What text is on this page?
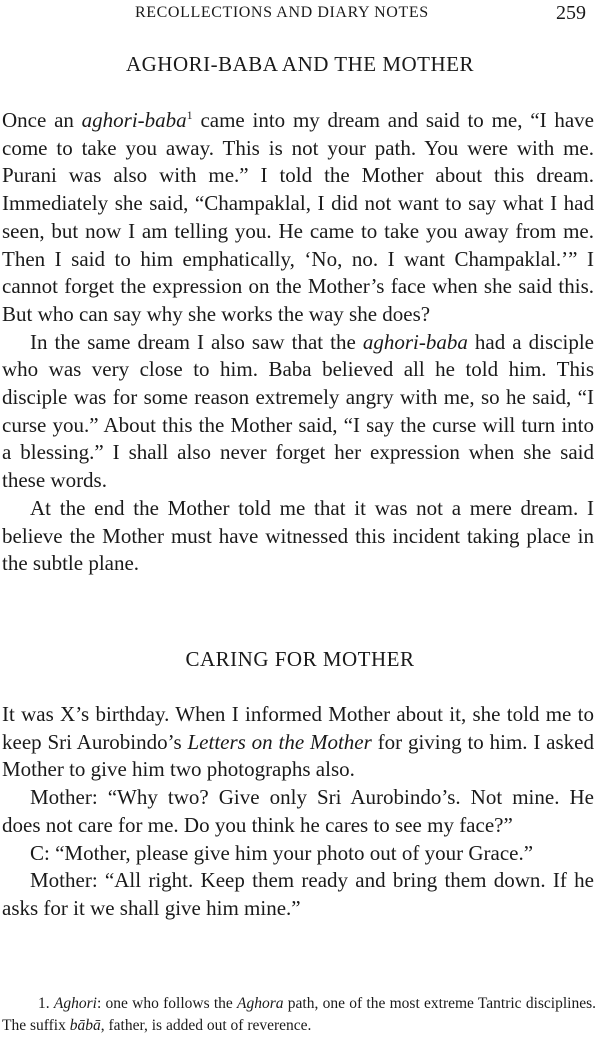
RECOLLECTIONS AND DIARY NOTES	259
AGHORI-BABA AND THE MOTHER

Once an aghori-baba$^1$ came into my dream and said to me, “I have come to take you away. This is not your path. You were with me. Purani was also with me.” I told the Mother about this dream. Immediately she said, “Champaklal, I did not want to say what I had seen, but now I am telling you. He came to take you away from me. Then I said to him emphatically, ‘No, no. I want Champaklal.’” I cannot forget the expression on the Mother’s face when she said this. But who can say why she works the way she does?

In the same dream I also saw that the aghori-baba had a disciple who was very close to him. Baba believed all he told him. This disciple was for some reason extremely angry with me, so he said, “I curse you.” About this the Mother said, “I say the curse will turn into a blessing.” I shall also never forget her expression when she said these words.

At the end the Mother told me that it was not a mere dream. I believe the Mother must have witnessed this incident taking place in the subtle plane.

CARING FOR MOTHER

It was X’s birthday. When I informed Mother about it, she told me to keep Sri Aurobindo’s Letters on the Mother for giving to him. I asked Mother to give him two photographs also.

Mother: “Why two? Give only Sri Aurobindo’s. Not mine. He does not care for me. Do you think he cares to see my face?”

C: “Mother, please give him your photo out of your Grace.”

Mother: “All right. Keep them ready and bring them down. If he asks for it we shall give him mine.”

1. Aghori: one who follows the Aghora path, one of the most extreme Tantric disciplines. The suffix bābā, father, is added out of reverence.
